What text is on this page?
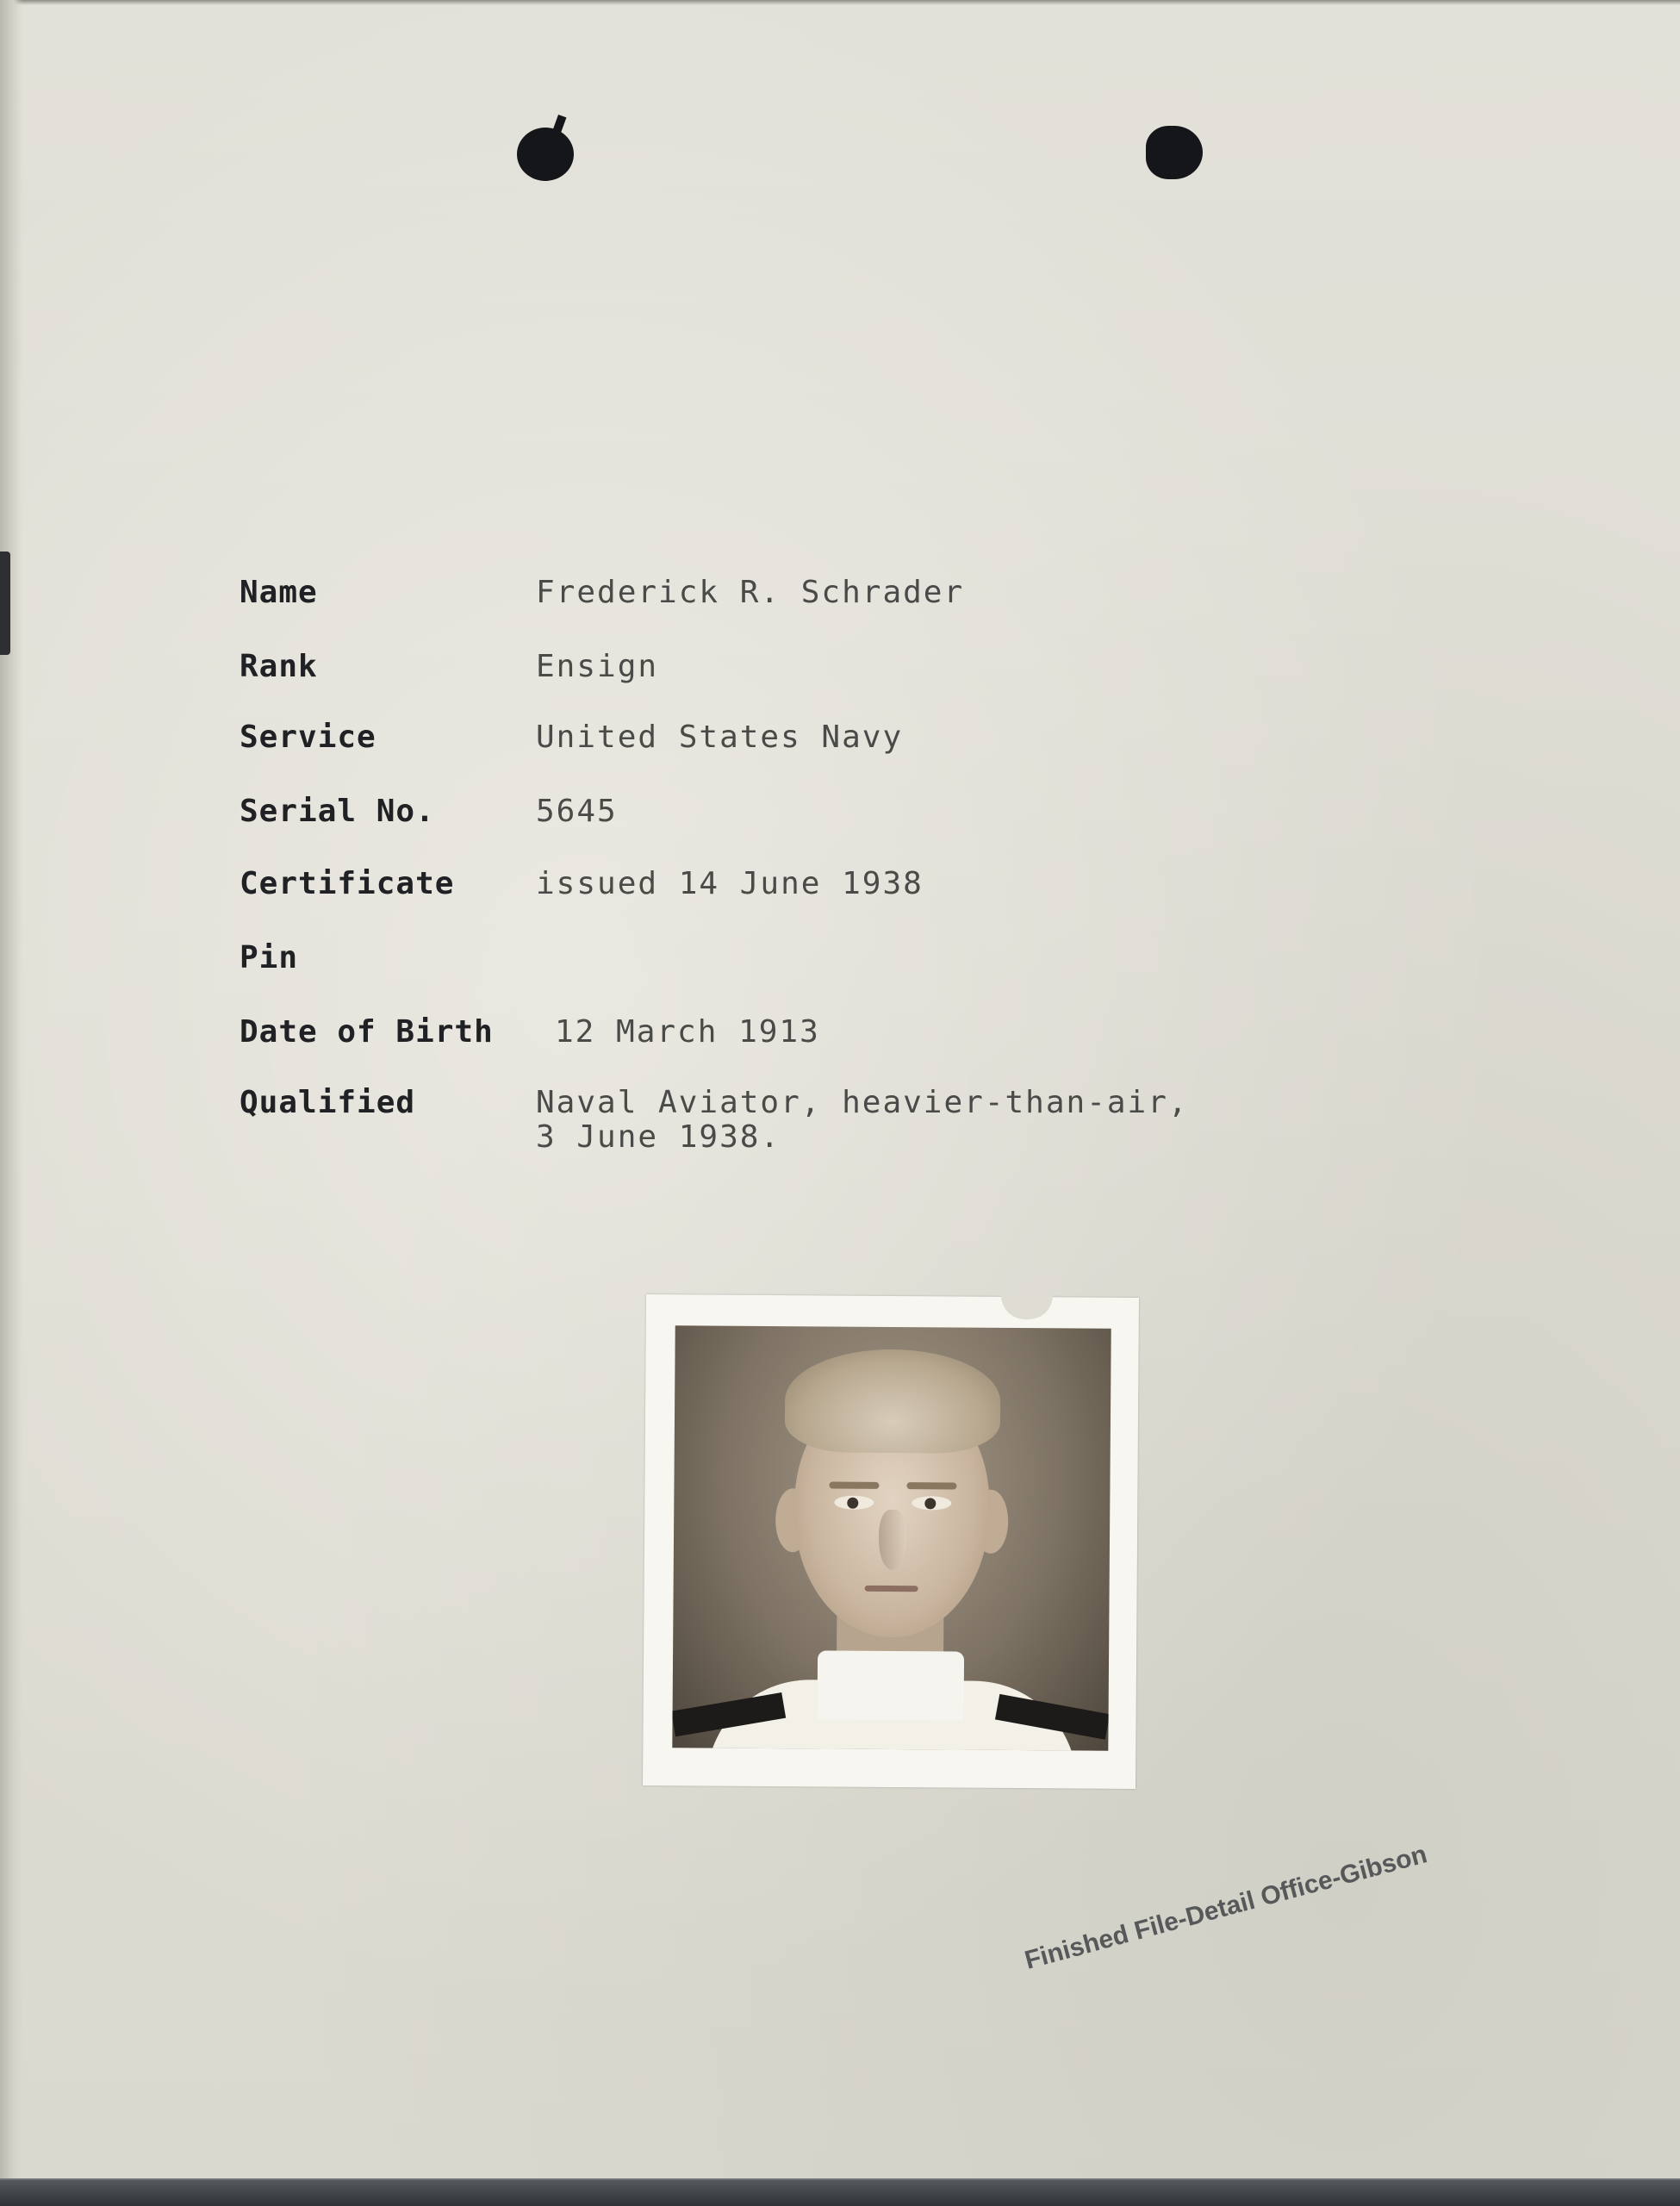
Name	Frederick R. Schrader
Rank	Ensign
Service	United States Navy
Serial No.	5645
Certificate	issued 14 June 1938
Pin
Date of Birth 12 March 1913
Qualified	Naval Aviator, heavier-than-air,
3 June 1938.
Finished File-Detail Office-Gibson
